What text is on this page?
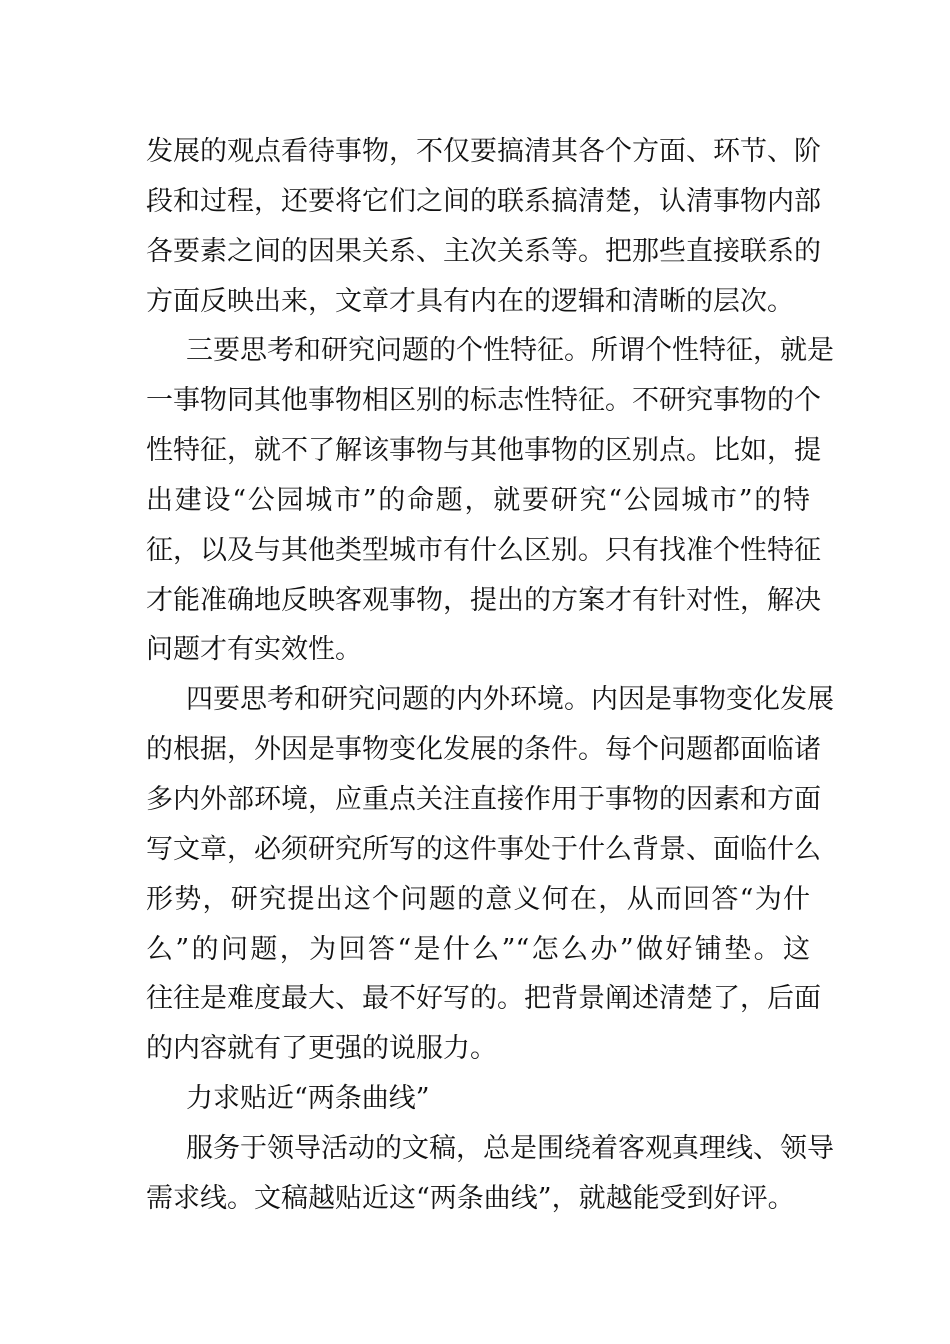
发展的观点看待事物，不仅要搞清其各个方面、环节、阶
段和过程，还要将它们之间的联系搞清楚，认清事物内部
各要素之间的因果关系、主次关系等。把那些直接联系的
方面反映出来，文章才具有内在的逻辑和清晰的层次。
三要思考和研究问题的个性特征。所谓个性特征，就是
一事物同其他事物相区别的标志性特征。不研究事物的个
性特征，就不了解该事物与其他事物的区别点。比如，提
出建设“公园城市”的命题，就要研究“公园城市”的特
征，以及与其他类型城市有什么区别。只有找准个性特征
才能准确地反映客观事物，提出的方案才有针对性，解决
问题才有实效性。
四要思考和研究问题的内外环境。内因是事物变化发展
的根据，外因是事物变化发展的条件。每个问题都面临诸
多内外部环境，应重点关注直接作用于事物的因素和方面
写文章，必须研究所写的这件事处于什么背景、面临什么
形势，研究提出这个问题的意义何在，从而回答“为什
么”的问题，为回答“是什么”“怎么办”做好铺垫。这
往往是难度最大、最不好写的。把背景阐述清楚了，后面
的内容就有了更强的说服力。
力求贴近“两条曲线”
服务于领导活动的文稿，总是围绕着客观真理线、领导
需求线。文稿越贴近这“两条曲线”，就越能受到好评。
